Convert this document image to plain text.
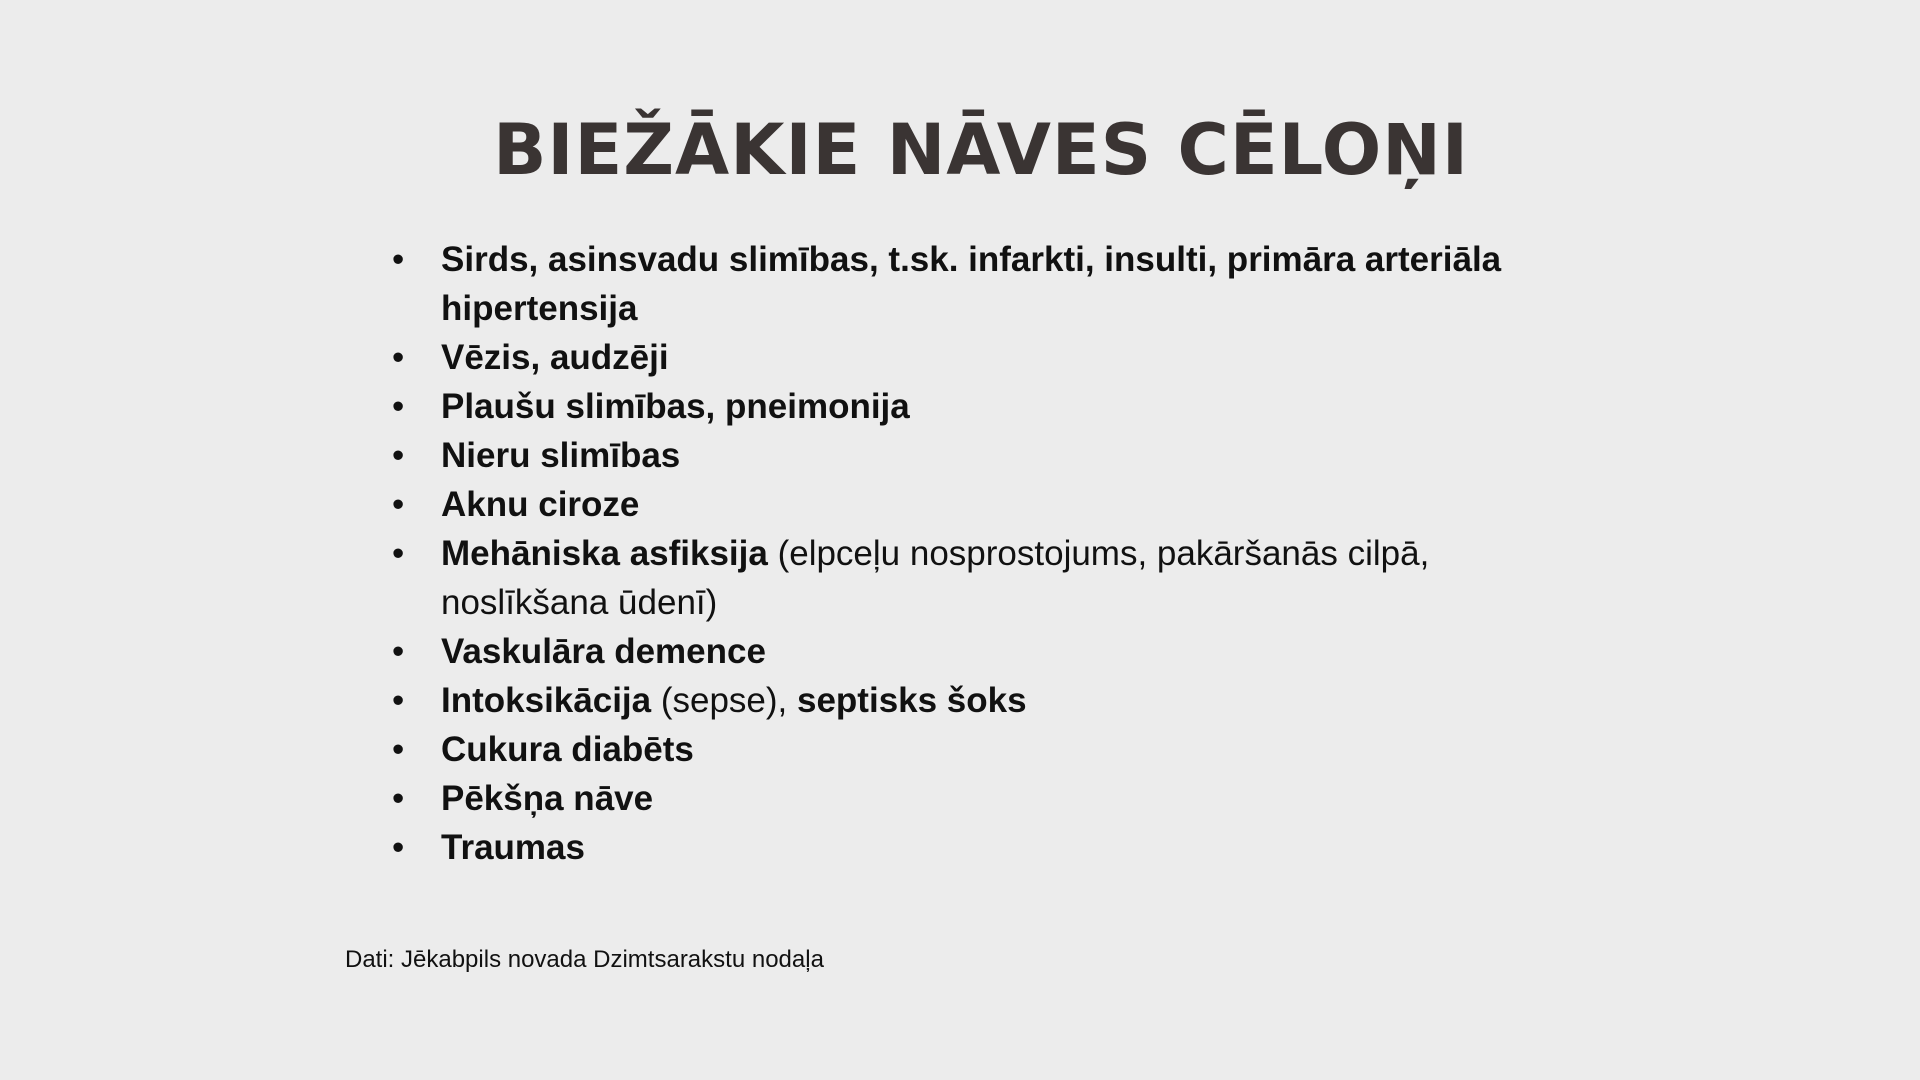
BIEŽĀKIE NĀVES CĒLOŅI
• Sirds, asinsvadu slimības, t.sk. infarkti, insulti, primāra arteriāla hipertensija
• Vēzis, audzēji
• Plaušu slimības, pneimonija
• Nieru slimības
• Aknu ciroze
• Mehāniska asfiksija (elpceļu nosprostojums, pakāršanās cilpā, noslīkšana ūdenī)
• Vaskulāra demence
• Intoksikācija (sepse), septisks šoks
• Cukura diabēts
• Pēkšņa nāve
• Traumas

Dati: Jēkabpils novada Dzimtsarakstu nodaļa
